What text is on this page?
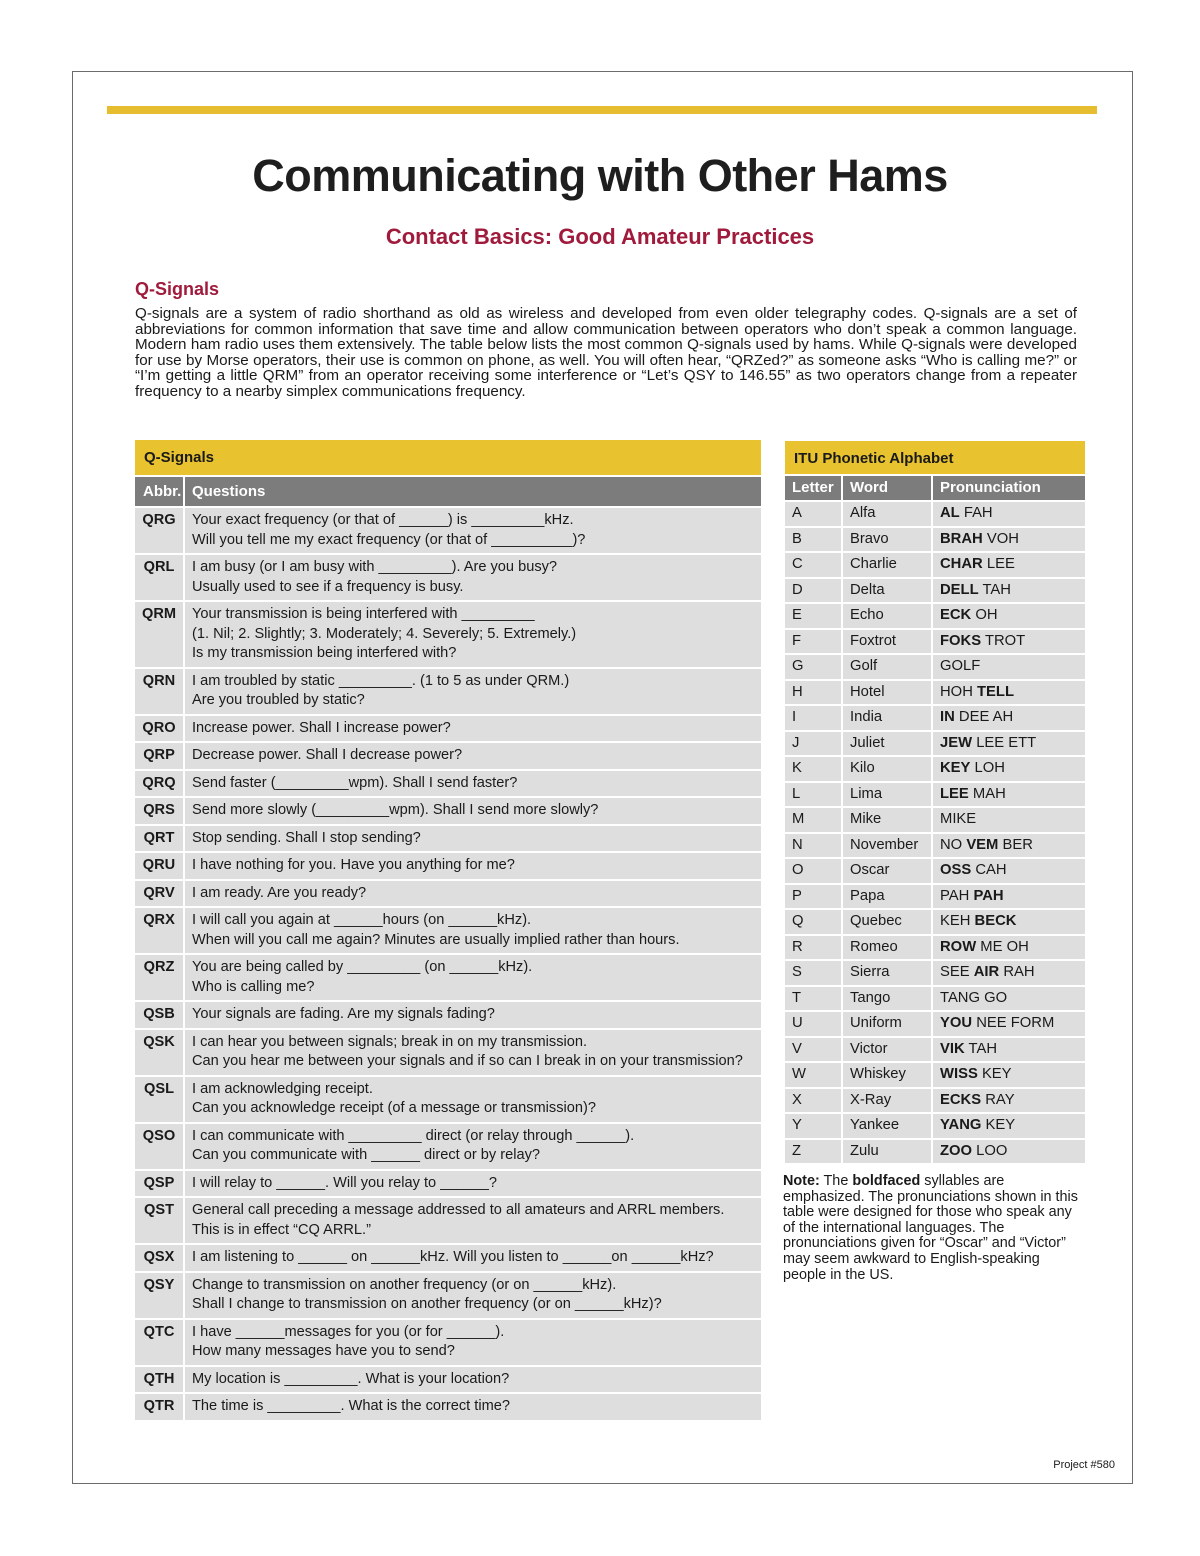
Communicating with Other Hams
Contact Basics: Good Amateur Practices
Q-Signals

Q-signals are a system of radio shorthand as old as wireless and developed from even older telegraphy codes. Q-signals are a set of abbreviations for common information that save time and allow communication between operators who don’t speak a common language. Modern ham radio uses them extensively. The table below lists the most common Q-signals used by hams. While Q-signals were developed for use by Morse operators, their use is common on phone, as well. You will often hear, “QRZed?” as someone asks “Who is calling me?” or “I’m getting a little QRM” from an operator receiving some interference or “Let’s QSY to 146.55” as two operators change from a repeater frequency to a nearby simplex communications frequency.

Q-Signals
Abbr. Questions
QRG	Your exact frequency (or that of ______) is _________kHz.
Will you tell me my exact frequency (or that of __________)?
QRL	I am busy (or I am busy with _________). Are you busy?
Usually used to see if a frequency is busy.
QRM	Your transmission is being interfered with _________
(1. Nil; 2. Slightly; 3. Moderately; 4. Severely; 5. Extremely.)
Is my transmission being interfered with?
QRN	I am troubled by static _________. (1 to 5 as under QRM.)
Are you troubled by static?
QRO	Increase power. Shall I increase power?
QRP	Decrease power. Shall I decrease power?
QRQ	Send faster (_________wpm). Shall I send faster?
QRS	Send more slowly (_________wpm). Shall I send more slowly?
QRT	Stop sending. Shall I stop sending?
QRU	I have nothing for you. Have you anything for me?
QRV	I am ready. Are you ready?
QRX	I will call you again at ______hours (on ______kHz).
When will you call me again? Minutes are usually implied rather than hours.
QRZ	You are being called by _________ (on ______kHz).
Who is calling me?
QSB	Your signals are fading. Are my signals fading?
QSK	I can hear you between signals; break in on my transmission.
Can you hear me between your signals and if so can I break in on your transmission?
QSL	I am acknowledging receipt.
Can you acknowledge receipt (of a message or transmission)?
QSO	I can communicate with _________ direct (or relay through ______).
Can you communicate with ______ direct or by relay?
QSP	I will relay to ______. Will you relay to ______?
QST	General call preceding a message addressed to all amateurs and ARRL members.
This is in effect “CQ ARRL.”
QSX	I am listening to ______ on ______kHz. Will you listen to ______on ______kHz?
QSY	Change to transmission on another frequency (or on ______kHz).
Shall I change to transmission on another frequency (or on ______kHz)?
QTC	I have ______messages for you (or for ______).
How many messages have you to send?
QTH	My location is _________. What is your location?
QTR	The time is _________. What is the correct time?
ITU Phonetic Alphabet
Letter	Word	Pronunciation
A	Alfa	AL FAH
B	Bravo	BRAH VOH
C	Charlie	CHAR LEE
D	Delta	DELL TAH
E	Echo	ECK OH
F	Foxtrot	FOKS TROT
G	Golf	GOLF
H	Hotel	HOH TELL
I	India	IN DEE AH
J	Juliet	JEW LEE ETT
K	Kilo	KEY LOH
L	Lima	LEE MAH
M	Mike	MIKE
N	November	NO VEM BER
O	Oscar	OSS CAH
P	Papa	PAH PAH
Q	Quebec	KEH BECK
R	Romeo	ROW ME OH
S	Sierra	SEE AIR RAH
T	Tango	TANG GO
U	Uniform	YOU NEE FORM
V	Victor	VIK TAH
W	Whiskey	WISS KEY
X	X-Ray	ECKS RAY
Y	Yankee	YANG KEY
Z	Zulu	ZOO LOO

Note: The boldfaced syllables are emphasized. The pronunciations shown in this table were designed for those who speak any of the international languages. The pronunciations given for “Oscar” and “Victor” may seem awkward to English-speaking people in the US.

Project #580
